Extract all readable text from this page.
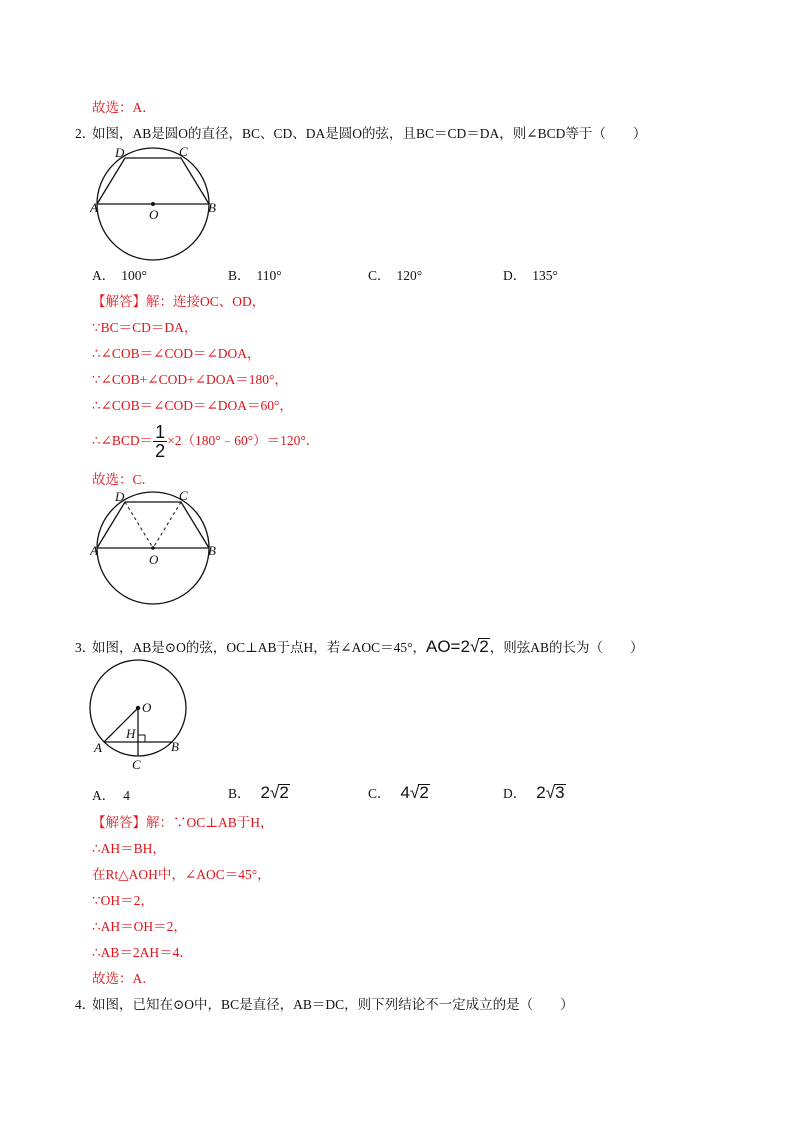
故选：A．
2．
如图，AB是圆O的直径，BC、CD、DA是圆O的弦，且BC＝CD＝DA，则∠BCD等于（　　）
D	C
A	O	B
A． 100°	B． 110°	C． 120°	D． 135°
【解答】解：连接OC、OD，
∵BC＝CD＝DA，
∴∠COB＝∠COD＝∠DOA，
∵∠COB+∠COD+∠DOA＝180°，
∴∠COB＝∠COD＝∠DOA＝60°，
∴∠BCD＝ $\frac{1}{2}$ ×2（180°﹣60°）＝120°．
故选：C．
D	C
A
O
B
3．
如图，AB是⊙O的弦，OC⊥AB于点H，若∠AOC＝45°，AO=2√2，则弦AB的长为（　　）
O
H
A	B
C
A． 4	B． 2√2	C． 4√2	D． 2√3
【解答】解：∵OC⊥AB于H，
∴AH＝BH，
在Rt△AOH中，∠AOC＝45°，
∵OH＝2，
∴AH＝OH＝2，
∴AB＝2AH＝4．
故选：A．
4．
如图，已知在⊙O中，BC是直径，AB＝DC，则下列结论不一定成立的是（　　）
